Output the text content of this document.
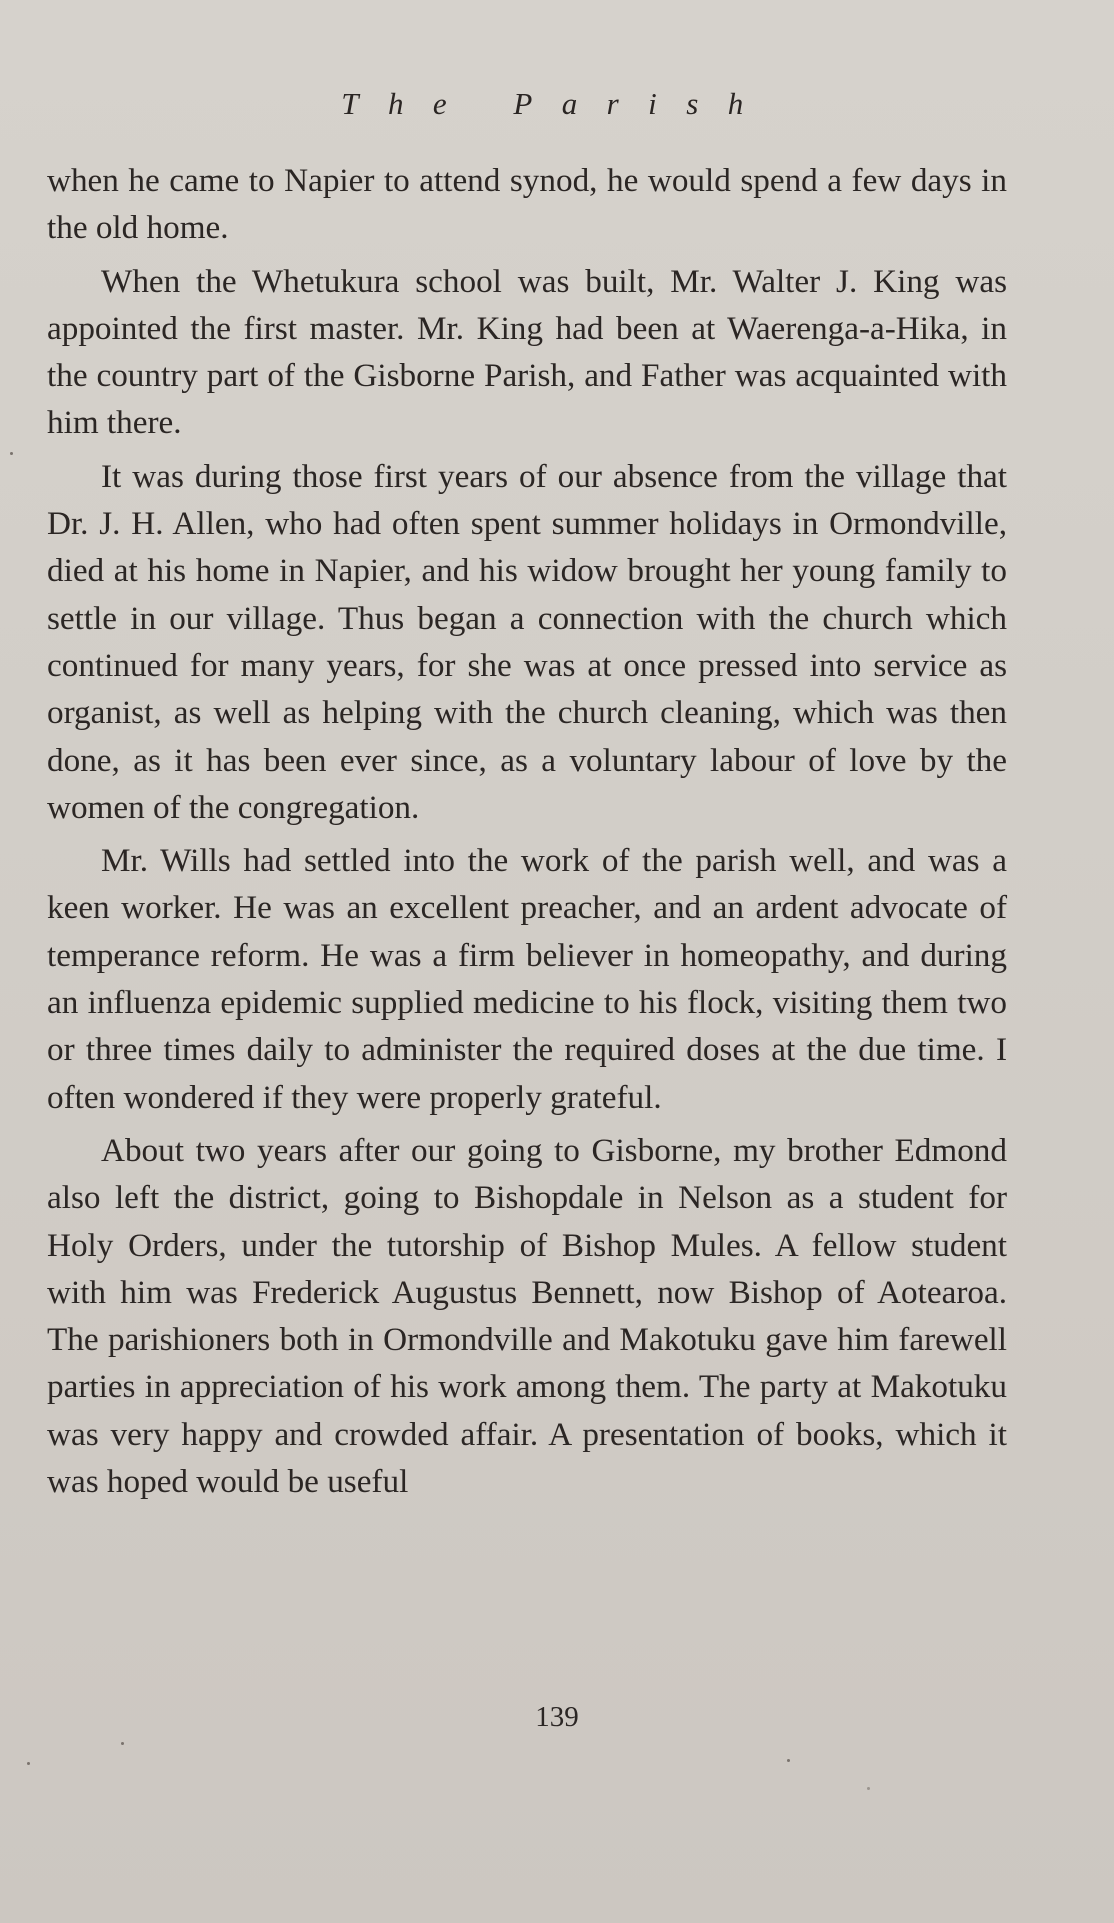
The Parish

when he came to Napier to attend synod, he would spend a few days in the old home.

When the Whetukura school was built, Mr. Walter J. King was appointed the first master. Mr. King had been at Waerenga-a-Hika, in the country part of the Gisborne Parish, and Father was acquainted with him there.

It was during those first years of our absence from the village that Dr. J. H. Allen, who had often spent summer holidays in Ormondville, died at his home in Napier, and his widow brought her young family to settle in our village. Thus began a connection with the church which continued for many years, for she was at once pressed into service as organist, as well as helping with the church cleaning, which was then done, as it has been ever since, as a voluntary labour of love by the women of the congregation.

Mr. Wills had settled into the work of the parish well, and was a keen worker. He was an excellent preacher, and an ardent advocate of temperance reform. He was a firm believer in homeopathy, and during an influenza epidemic supplied medicine to his flock, visiting them two or three times daily to administer the required doses at the due time. I often wondered if they were properly grateful.

About two years after our going to Gisborne, my brother Edmond also left the district, going to Bishopdale in Nelson as a student for Holy Orders, under the tutorship of Bishop Mules. A fellow student with him was Frederick Augustus Bennett, now Bishop of Aotearoa. The parishioners both in Ormondville and Makotuku gave him farewell parties in appreciation of his work among them. The party at Makotuku was very happy and crowded affair. A presentation of books, which it was hoped would be useful

139
